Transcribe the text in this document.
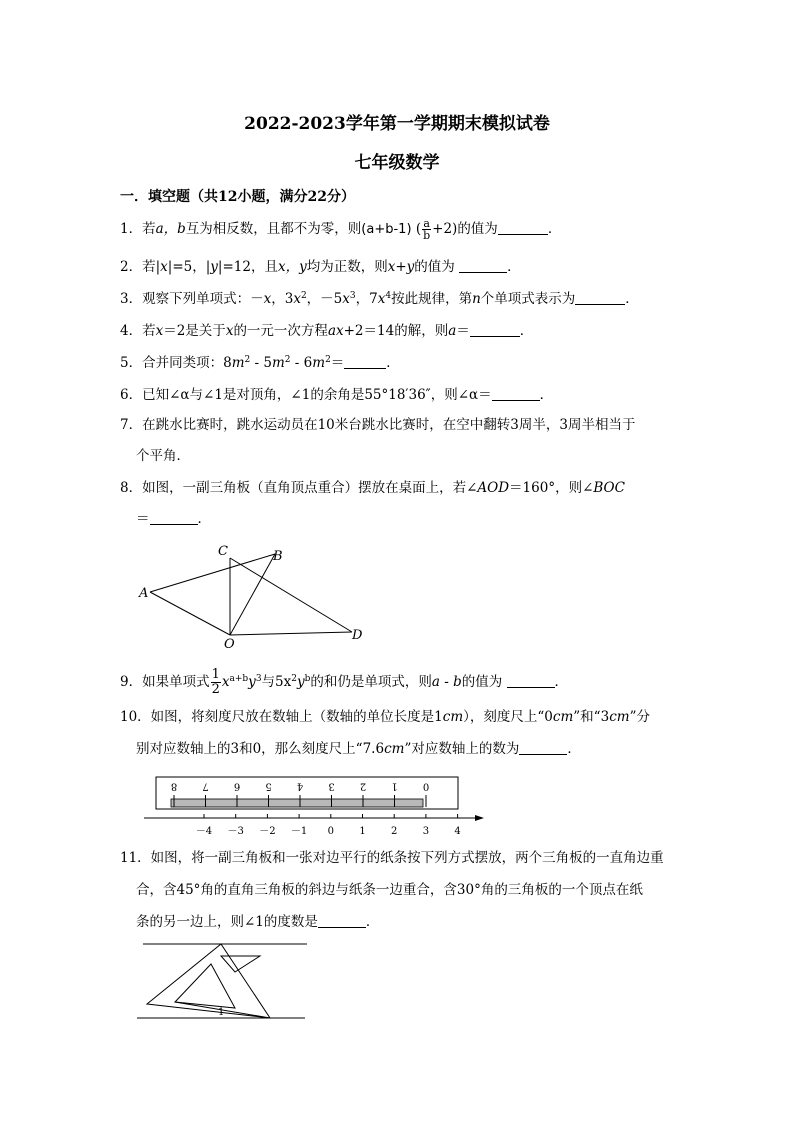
2022-2023学年第一学期期末模拟试卷
七年级数学
一．填空题（共12小题，满分22分）
1．若a，b互为相反数，且都不为零，则(a+b-1) ( $\frac{a}{b} +2$)的值为	．
2．若|x|=5，|y|=12，且x，y均为正数，则x+y的值为	．
3．观察下列单项式：－x，$3x^2$，$-5x^3$，$7x^4$按此规律，第n个单项式表示为	．
4．若x＝2是关于x的一元一次方程ax+2＝14的解，则a＝	．
5．合并同类项：$8m^2 - 5m^2 - 6m^2=$	．
6．已知∠α与∠1是对顶角，∠1的余角是55°18′36″，则∠α＝	．
7．在跳水比赛时，跳水运动员在10米台跳水比赛时，在空中翻转3周半，3周半相当于
个平角．
8．如图，一副三角板（直角顶点重合）摆放在桌面上，若∠AOD＝160°，则∠BOC
＝	．
A
B
C
O
D
9．如果单项式 $\frac{1}{2} x^{a+b}y^3$与$5x^2y^b$的和仍是单项式，则a - b的值为	．
10．如图，将刻度尺放在数轴上（数轴的单位长度是1cm），刻度尺上“0cm”和“3cm”分
别对应数轴上的3和0，那么刻度尺上“7.6cm”对应数轴上的数为	．
8	7	6	5	4	3	2	1	0
－4 －3 －2 －1 0	1	2	3	4
11．如图，将一副三角板和一张对边平行的纸条按下列方式摆放，两个三角板的一直角边重
合，含45°角的直角三角板的斜边与纸条一边重合，含30°角的三角板的一个顶点在纸
条的另一边上，则∠1的度数是	．
1
